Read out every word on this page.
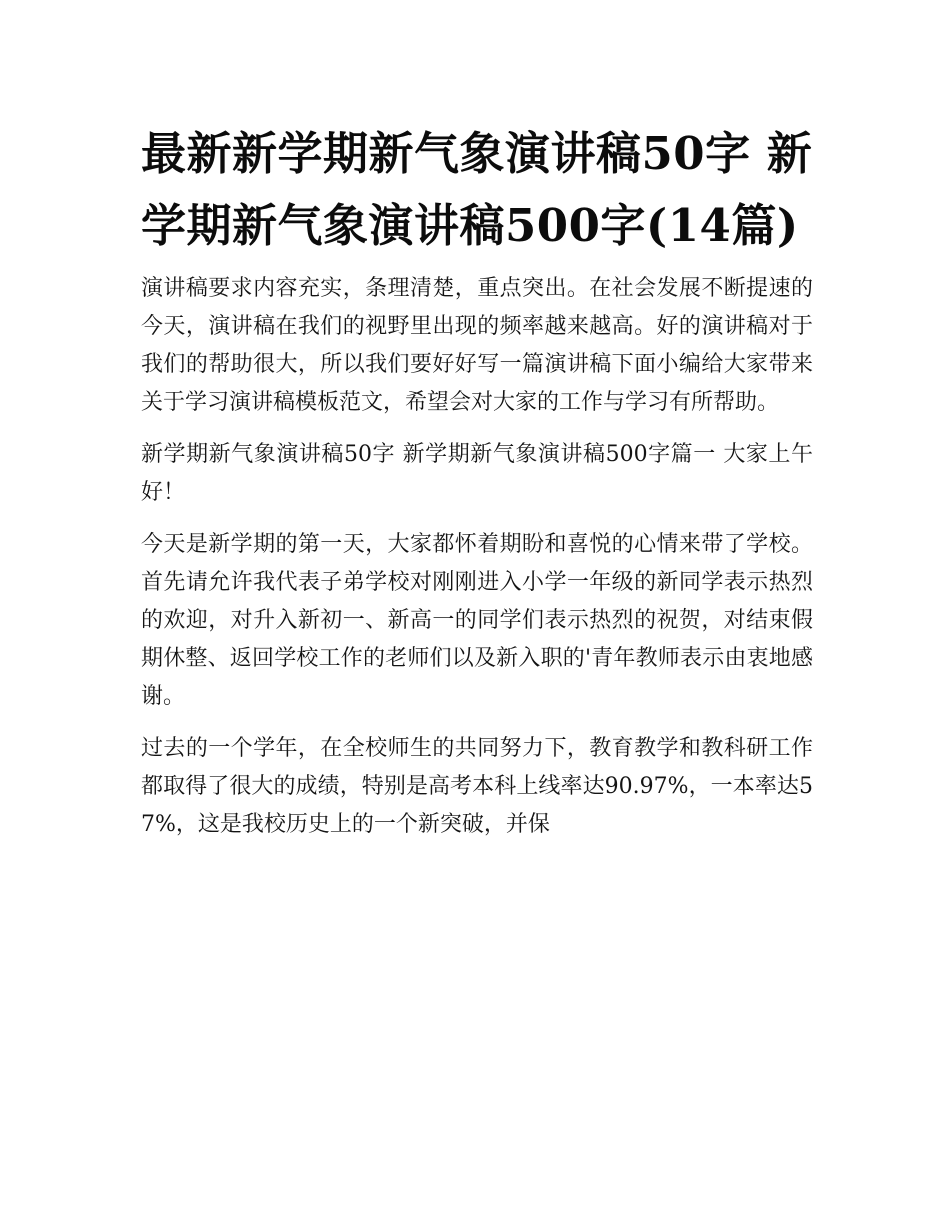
最新新学期新气象演讲稿50字 新学期新气象演讲稿500字(14篇)

演讲稿要求内容充实，条理清楚，重点突出。在社会发展不断提速的今天，演讲稿在我们的视野里出现的频率越来越高。好的演讲稿对于我们的帮助很大，所以我们要好好写一篇演讲稿下面小编给大家带来关于学习演讲稿模板范文，希望会对大家的工作与学习有所帮助。

新学期新气象演讲稿50字 新学期新气象演讲稿500字篇一 大家上午好！

今天是新学期的第一天，大家都怀着期盼和喜悦的心情来带了学校。首先请允许我代表子弟学校对刚刚进入小学一年级的新同学表示热烈的欢迎，对升入新初一、新高一的同学们表示热烈的祝贺，对结束假期休整、返回学校工作的老师们以及新入职的'青年教师表示由衷地感谢。

过去的一个学年，在全校师生的共同努力下，教育教学和教科研工作都取得了很大的成绩，特别是高考本科上线率达90.97%，一本率达57%，这是我校历史上的一个新突破，并保
